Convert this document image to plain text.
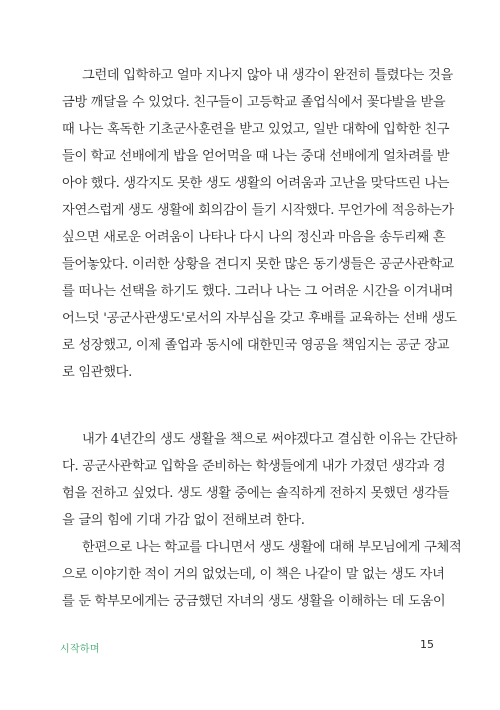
그런데 입학하고 얼마 지나지 않아 내 생각이 완전히 틀렸다는 것을
금방 깨달을 수 있었다. 친구들이 고등학교 졸업식에서 꽃다발을 받을
때 나는 혹독한 기초군사훈련을 받고 있었고, 일반 대학에 입학한 친구
들이 학교 선배에게 밥을 얻어먹을 때 나는 중대 선배에게 얼차려를 받
아야 했다. 생각지도 못한 생도 생활의 어려움과 고난을 맞닥뜨린 나는
자연스럽게 생도 생활에 회의감이 들기 시작했다. 무언가에 적응하는가
싶으면 새로운 어려움이 나타나 다시 나의 정신과 마음을 송두리째 흔
들어놓았다. 이러한 상황을 견디지 못한 많은 동기생들은 공군사관학교
를 떠나는 선택을 하기도 했다. 그러나 나는 그 어려운 시간을 이겨내며
어느덧 '공군사관생도'로서의 자부심을 갖고 후배를 교육하는 선배 생도
로 성장했고, 이제 졸업과 동시에 대한민국 영공을 책임지는 공군 장교
로 임관했다.
내가 4년간의 생도 생활을 책으로 써야겠다고 결심한 이유는 간단하
다. 공군사관학교 입학을 준비하는 학생들에게 내가 가졌던 생각과 경
험을 전하고 싶었다. 생도 생활 중에는 솔직하게 전하지 못했던 생각들
을 글의 힘에 기대 가감 없이 전해보려 한다.
한편으로 나는 학교를 다니면서 생도 생활에 대해 부모님에게 구체적
으로 이야기한 적이 거의 없었는데, 이 책은 나같이 말 없는 생도 자녀
를 둔 학부모에게는 궁금했던 자녀의 생도 생활을 이해하는 데 도움이
시작하며	15
